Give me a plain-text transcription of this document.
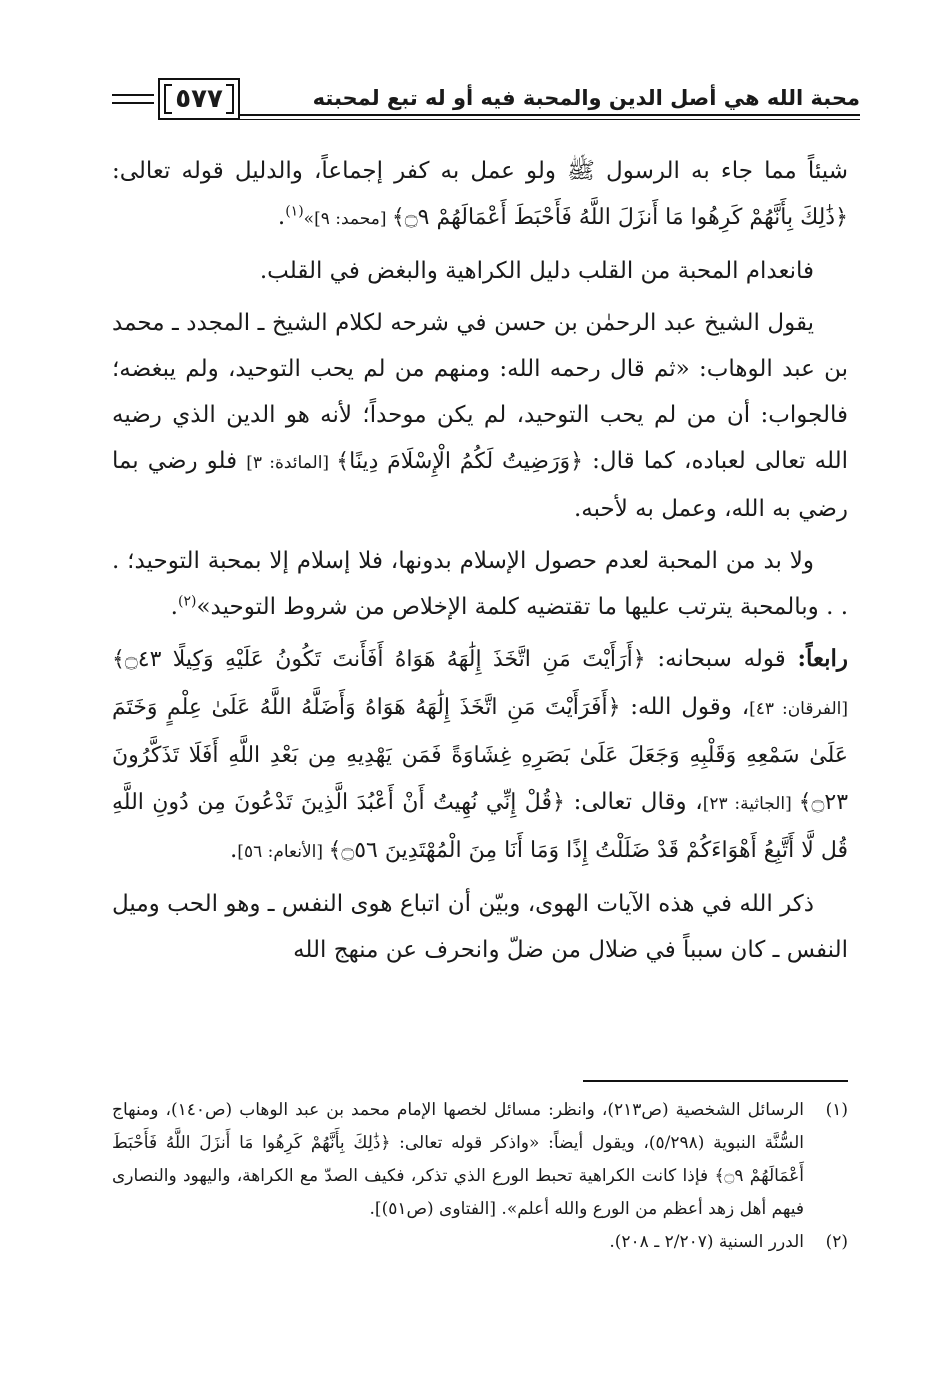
محبة الله هي أصل الدين والمحبة فيه أو له تبع لمحبته
٥٧٧

شيئاً مما جاء به الرسول ﷺ ولو عمل به كفر إجماعاً، والدليل قوله تعالى: ﴿ذَٰلِكَ بِأَنَّهُمْ كَرِهُوا مَا أَنزَلَ اللَّهُ فَأَحْبَطَ أَعْمَالَهُمْ ۝٩﴾ [محمد: ٩]»$^{(١)}$.

فانعدام المحبة من القلب دليل الكراهية والبغض في القلب.

يقول الشيخ عبد الرحمٰن بن حسن في شرحه لكلام الشيخ ـ المجدد ـ محمد بن عبد الوهاب: «ثم قال رحمه الله: ومنهم من لم يحب التوحيد، ولم يبغضه؛ فالجواب: أن من لم يحب التوحيد، لم يكن موحداً؛ لأنه هو الدين الذي رضيه الله تعالى لعباده، كما قال: ﴿وَرَضِيتُ لَكُمُ الْإِسْلَامَ دِينًا﴾ [المائدة: ٣] فلو رضي بما رضي به الله، وعمل به لأحبه.

ولا بد من المحبة لعدم حصول الإسلام بدونها، فلا إسلام إلا بمحبة التوحيد؛ . . . وبالمحبة يترتب عليها ما تقتضيه كلمة الإخلاص من شروط التوحيد»$^{(٢)}$.

رابعاً: قوله سبحانه: ﴿أَرَأَيْتَ مَنِ اتَّخَذَ إِلَٰهَهُ هَوَاهُ أَفَأَنتَ تَكُونُ عَلَيْهِ وَكِيلًا ۝٤٣﴾ [الفرقان: ٤٣]، وقول الله: ﴿أَفَرَأَيْتَ مَنِ اتَّخَذَ إِلَٰهَهُ هَوَاهُ وَأَضَلَّهُ اللَّهُ عَلَىٰ عِلْمٍ وَخَتَمَ عَلَىٰ سَمْعِهِ وَقَلْبِهِ وَجَعَلَ عَلَىٰ بَصَرِهِ غِشَاوَةً فَمَن يَهْدِيهِ مِن بَعْدِ اللَّهِ أَفَلَا تَذَكَّرُونَ ۝٢٣﴾ [الجاثية: ٢٣]، وقال تعالى: ﴿قُلْ إِنِّي نُهِيتُ أَنْ أَعْبُدَ الَّذِينَ تَدْعُونَ مِن دُونِ اللَّهِ قُل لَّا أَتَّبِعُ أَهْوَاءَكُمْ قَدْ ضَلَلْتُ إِذًا وَمَا أَنَا مِنَ الْمُهْتَدِينَ ۝٥٦﴾ [الأنعام: ٥٦].

ذكر الله في هذه الآيات الهوى، وبيّن أن اتباع هوى النفس ـ وهو الحب وميل النفس ـ كان سبباً في ضلال من ضلّ وانحرف عن منهج الله

(١)
الرسائل الشخصية (ص٢١٣)، وانظر: مسائل لخصها الإمام محمد بن عبد الوهاب (ص١٤٠)، ومنهاج السُّنَّة النبوية (٥/٢٩٨)، ويقول أيضاً: «واذكر قوله تعالى: ﴿ذَٰلِكَ بِأَنَّهُمْ كَرِهُوا مَا أَنزَلَ اللَّهُ فَأَحْبَطَ أَعْمَالَهُمْ ۝٩﴾ فإذا كانت الكراهية تحبط الورع الذي تذكر، فكيف الصدّ مع الكراهة، واليهود والنصارى فيهم أهل زهد أعظم من الورع والله أعلم». [الفتاوى (ص٥١)].
(٢)
الدرر السنية (٢/٢٠٧ ـ ٢٠٨).
